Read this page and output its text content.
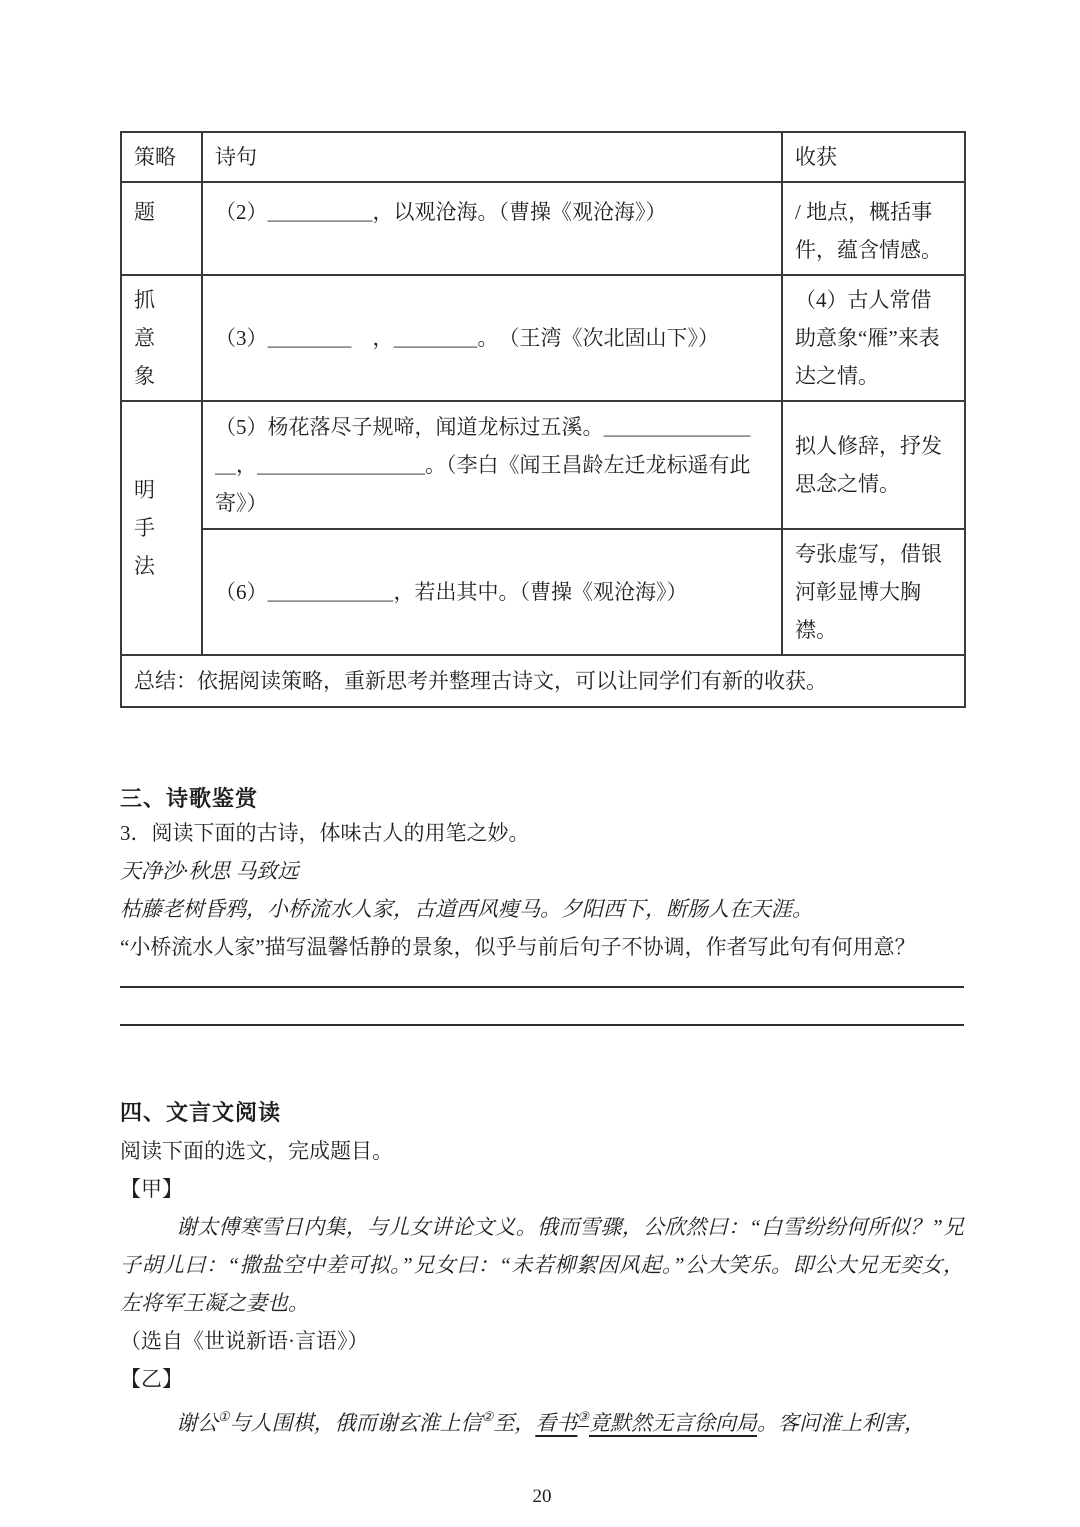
策略	诗句	收获
题	（2）＿＿＿＿＿，以观沧海。（曹操《观沧海》）	/ 地点，概括事件，蕴含情感。
抓 意 象	（3）＿＿＿＿　，＿＿＿＿。　（王湾《次北固山下》）	（4）古人常借助意象“雁”来表达之情。
明 手 法	（5）杨花落尽子规啼，闻道龙标过五溪。＿＿＿＿＿＿＿＿，＿＿＿＿＿＿＿＿。（李白《闻王昌龄左迁龙标遥有此寄》）	拟人修辞，抒发思念之情。
	（6）＿＿＿＿＿＿，若出其中。（曹操《观沧海》）	夸张虚写，借银河彰显博大胸襟。
总结：依据阅读策略，重新思考并整理古诗文，可以让同学们有新的收获。		
三、诗歌鉴赏

3．阅读下面的古诗，体味古人的用笔之妙。

天净沙·秋思 马致远

枯藤老树昏鸦，小桥流水人家，古道西风瘦马。夕阳西下，断肠人在天涯。

“小桥流水人家”描写温馨恬静的景象，似乎与前后句子不协调，作者写此句有何用意？

四、文言文阅读

阅读下面的选文，完成题目。

【甲】

谢太傅寒雪日内集，与儿女讲论文义。俄而雪骤，公欣然曰：“白雪纷纷何所似？”兄子胡儿曰：“撒盐空中差可拟。”兄女曰：“未若柳絮因风起。”公大笑乐。即公大兄无奕女，左将军王凝之妻也。

（选自《世说新语·言语》）

【乙】

谢公①与人围棋，俄而谢玄淮上信②至，看书③竟默然无言徐向局。客问淮上利害，

20
